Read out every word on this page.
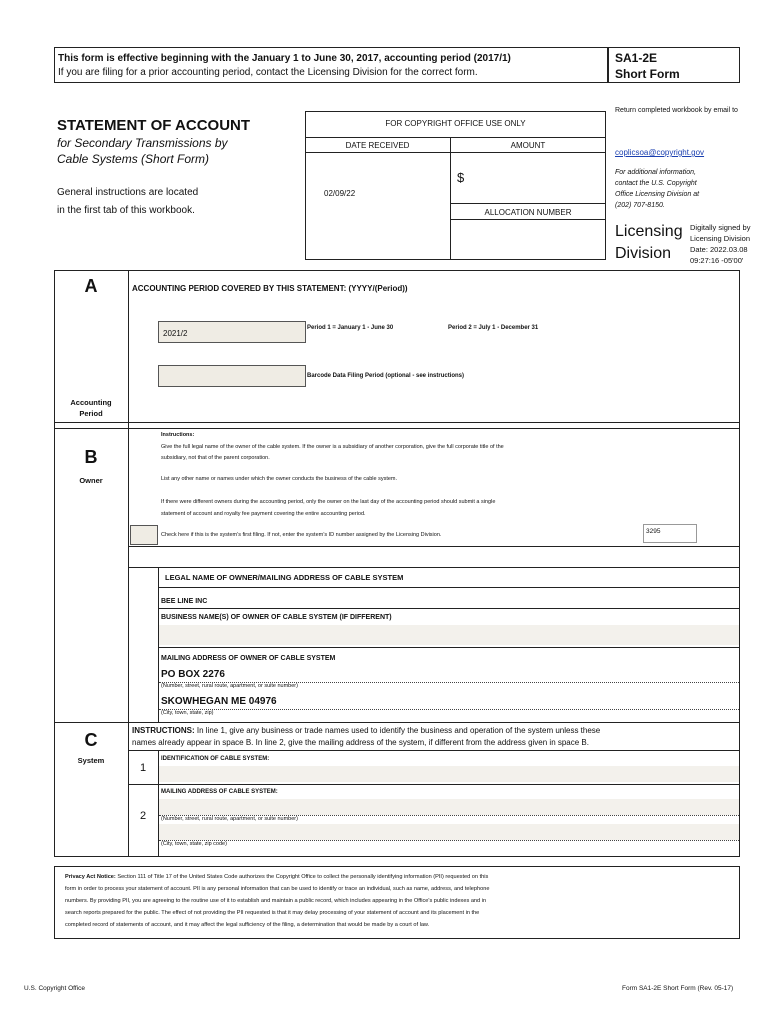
This form is effective beginning with the January 1 to June 30, 2017, accounting period (2017/1)
If you are filing for a prior accounting period, contact the Licensing Division for the correct form.
SA1-2E
Short Form
STATEMENT OF ACCOUNT
for Secondary Transmissions by
Cable Systems (Short Form)
General instructions are located
in the first tab of this workbook.
FOR COPYRIGHT OFFICE USE ONLY
DATE RECEIVED	AMOUNT
02/09/22
$
ALLOCATION NUMBER
Return completed workbook by email to
coplicsoa@copyright.gov
For additional information,
contact the U.S. Copyright
Office Licensing Division at
(202) 707-8150.
Licensing
Division
Digitally signed by
Licensing Division
Date: 2022.03.08
09:27:16 -05'00'
A
Accounting
Period
ACCOUNTING PERIOD COVERED BY THIS STATEMENT: (YYYY/(Period))
2021/2
Period 1 = January 1 - June 30	Period 2 = July 1 - December 31
Barcode Data Filing Period (optional - see instructions)
B
Owner
Instructions:
Give the full legal name of the owner of the cable system. If the owner is a subsidiary of another corporation, give the full corporate title of the
subsidiary, not that of the parent corporation.
List any other name or names under which the owner conducts the business of the cable system.
If there were different owners during the accounting period, only the owner on the last day of the accounting period should submit a single
statement of account and royalty fee payment covering the entire accounting period.
Check here if this is the system’s first filing. If not, enter the system’s ID number assigned by the Licensing Division.	3295
LEGAL NAME OF OWNER/MAILING ADDRESS OF CABLE SYSTEM
BEE LINE INC
BUSINESS NAME(S) OF OWNER OF CABLE SYSTEM (IF DIFFERENT)
MAILING ADDRESS OF OWNER OF CABLE SYSTEM
PO BOX 2276
(Number, street, rural route, apartment, or suite number)
SKOWHEGAN ME 04976
(City, town, state, zip)
C
System
INSTRUCTIONS: In line 1, give any business or trade names used to identify the business and operation of the system unless these
names already appear in space B. In line 2, give the mailing address of the system, if different from the address given in space B.
1
IDENTIFICATION OF CABLE SYSTEM:
2
MAILING ADDRESS OF CABLE SYSTEM:
(Number, street, rural route, apartment, or suite number)
(City, town, state, zip code)
Privacy Act Notice: Section 111 of Title 17 of the United States Code authorizes the Copyright Office to collect the personally identifying information (PII) requested on this
form in order to process your statement of account. PII is any personal information that can be used to identify or trace an individual, such as name, address, and telephone
numbers. By providing PII, you are agreeing to the routine use of it to establish and maintain a public record, which includes appearing in the Office's public indexes and in
search reports prepared for the public. The effect of not providing the PII requested is that it may delay processing of your statement of account and its placement in the
completed record of statements of account, and it may affect the legal sufficiency of the filing, a determination that would be made by a court of law.
U.S. Copyright Office	Form SA1-2E Short Form (Rev. 05-17)
